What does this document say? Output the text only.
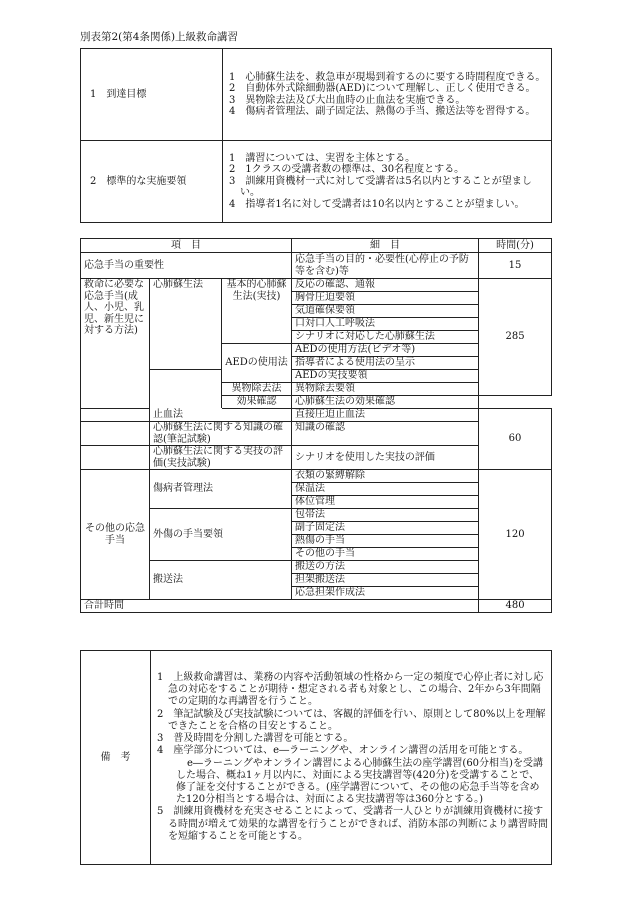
別表第2(第4条関係)上級救命講習
1　到達目標	1　心肺蘇生法を、救急車が現場到着するのに要する時間程度できる。
2　自動体外式除細動器(AED)について理解し、正しく使用できる。
3　異物除去法及び大出血時の止血法を実施できる。
4　傷病者管理法、副子固定法、熱傷の手当、搬送法等を習得する。

2　標準的な実施要領	1　講習については、実習を主体とする。
2　1クラスの受講者数の標準は、30名程度とする。
3　訓練用資機材一式に対して受講者は5名以内とすることが望ましい。
4　指導者1名に対して受講者は10名以内とすることが望ましい。
項　目			細　目	時間(分)
応急手当の重要性			応急手当の目的・必要性(心停止の予防等を含む)等	15
救命に必要な応急手当(成人、小児、乳児、新生児に対する方法)	心肺蘇生法	基本的心肺蘇生法(実技)	反応の確認、通報	285
			胸骨圧迫要領	
			気道確保要領	
			口対口人工呼吸法	
			シナリオに対応した心肺蘇生法	
		AEDの使用法	AEDの使用方法(ビデオ等)	
			指導者による使用法の呈示	
			AEDの実技要領	
		異物除去法	異物除去要領	
		効果確認	心肺蘇生法の効果確認	
	止血法		直接圧迫止血法	60
	心肺蘇生法に関する知識の確認(筆記試験)		知識の確認	
	心肺蘇生法に関する実技の評価(実技試験)		シナリオを使用した実技の評価	
その他の応急手当	傷病者管理法		衣類の緊縛解除	120
			保温法	
			体位管理	
	外傷の手当要領		包帯法	
			副子固定法	
			熱傷の手当	
			その他の手当	
	搬送法		搬送の方法	
			担架搬送法	
			応急担架作成法	
合計時間				480
備　考	
1　上級救命講習は、業務の内容や活動領域の性格から一定の頻度で心停止者に対し応急の対応をすることが期待・想定される者も対象とし、この場合、2年から3年間隔での定期的な再講習を行うこと。
2　筆記試験及び実技試験については、客観的評価を行い、原則として80%以上を理解できたことを合格の目安とすること。
3　普及時間を分割した講習を可能とする。
4　座学部分については、e―ラーニングや、オンライン講習の活用を可能とする。
e―ラーニングやオンライン講習による心肺蘇生法の座学講習(60分相当)を受講した場合、概ね1ヶ月以内に、対面による実技講習等(420分)を受講することで、修了証を交付することができる。(座学講習について、その他の応急手当等を含めた120分相当とする場合は、対面による実技講習等は360分とする。)
5　訓練用資機材を充実させることによって、受講者一人ひとりが訓練用資機材に接する時間が増えて効果的な講習を行うことができれば、消防本部の判断により講習時間を短縮することを可能とする。
